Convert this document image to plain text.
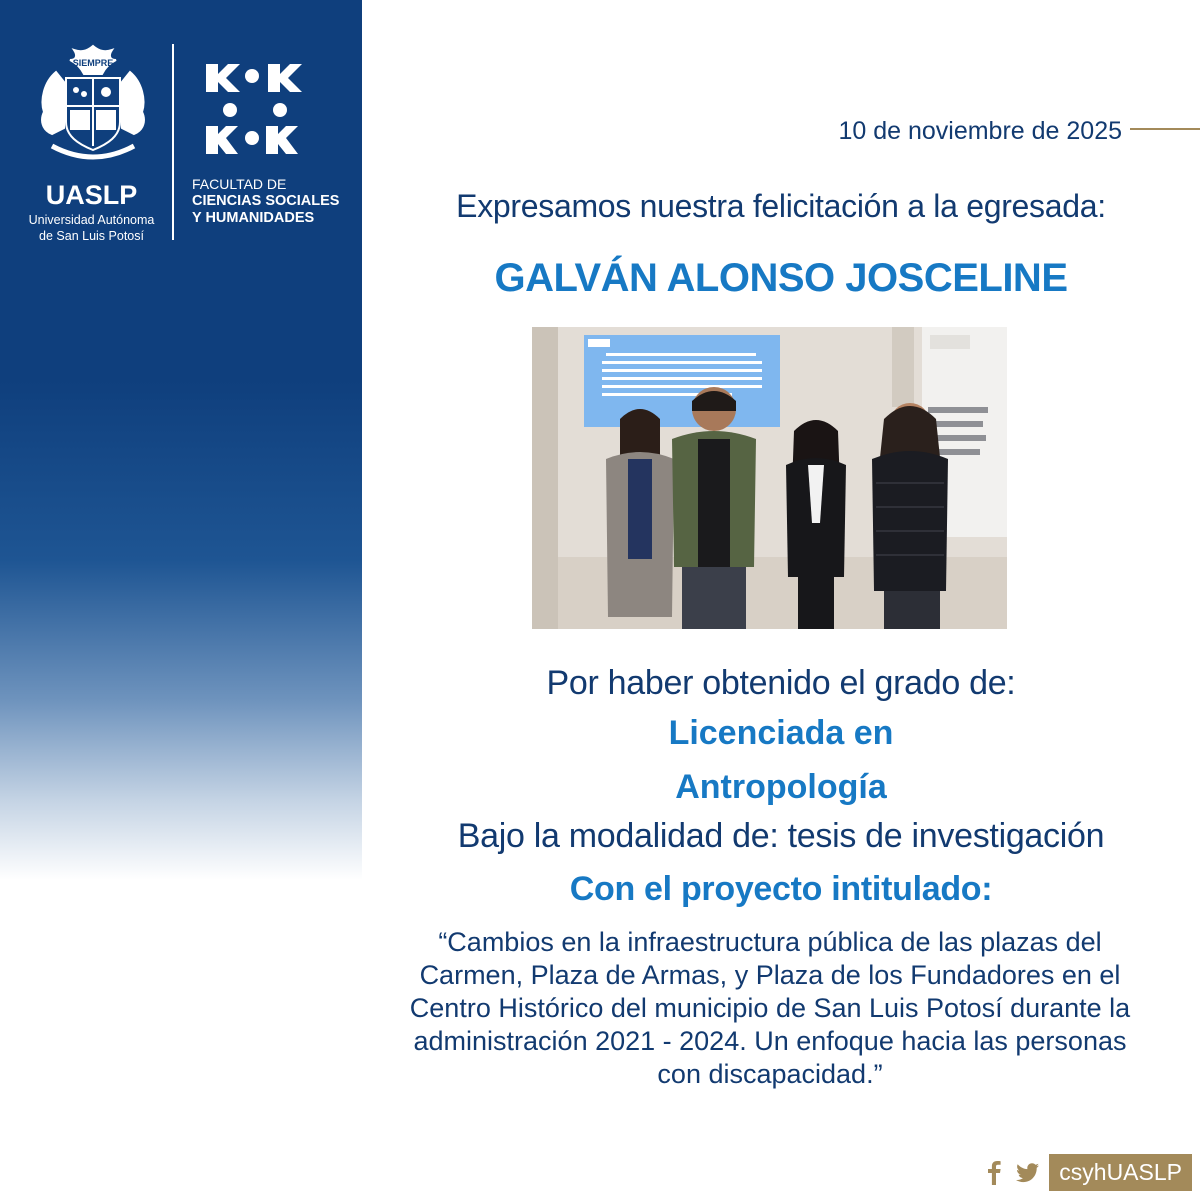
SIEMPRE
UASLP
Universidad Autónoma
de San Luis Potosí
FACULTAD DE
CIENCIAS SOCIALES
Y HUMANIDADES
10 de noviembre de 2025
Expresamos nuestra felicitación a la egresada:
GALVÁN ALONSO JOSCELINE
Por haber obtenido el grado de:
Licenciada en
Antropología
Bajo la modalidad de: tesis de investigación
Con el proyecto intitulado:
“Cambios en la infraestructura pública de las plazas del Carmen, Plaza de Armas, y Plaza de los Fundadores en el Centro Histórico del municipio de San Luis Potosí durante la administración 2021 - 2024. Un enfoque hacia las personas con discapacidad.”
csyhUASLP
